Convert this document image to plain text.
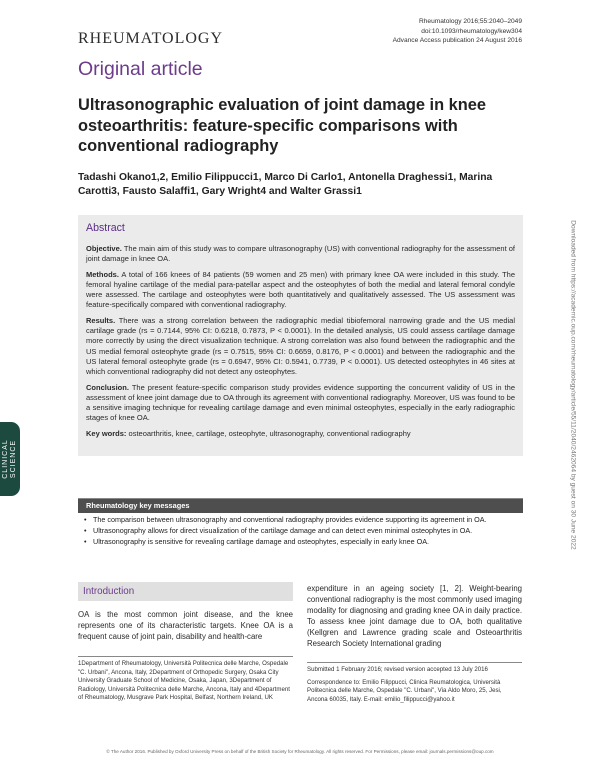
RHEUMATOLOGY
Rheumatology 2016;55:2040–2049
doi:10.1093/rheumatology/kew304
Advance Access publication 24 August 2016
Original article
Ultrasonographic evaluation of joint damage in knee osteoarthritis: feature-specific comparisons with conventional radiography
Tadashi Okano1,2, Emilio Filippucci1, Marco Di Carlo1, Antonella Draghessi1, Marina Carotti3, Fausto Salaffi1, Gary Wright4 and Walter Grassi1
Abstract

Objective. The main aim of this study was to compare ultrasonography (US) with conventional radiography for the assessment of joint damage in knee OA.

Methods. A total of 166 knees of 84 patients (59 women and 25 men) with primary knee OA were included in this study. The femoral hyaline cartilage of the medial para-patellar aspect and the osteophytes of both the medial and lateral femoral condyle were assessed. The cartilage and osteophytes were both quantitatively and qualitatively assessed. The US assessment was feature-specifically compared with conventional radiography.

Results. There was a strong correlation between the radiographic medial tibiofemoral narrowing grade and the US medial cartilage grade (rs = 0.7144, 95% CI: 0.6218, 0.7873, P < 0.0001). In the detailed analysis, US could assess cartilage damage more correctly by using the direct visualization technique. A strong correlation was also found between the radiographic and the US medial femoral osteophyte grade (rs = 0.7515, 95% CI: 0.6659, 0.8176, P < 0.0001) and between the radiographic and the US lateral femoral osteophyte grade (rs = 0.6947, 95% CI: 0.5941, 0.7739, P < 0.0001). US detected osteophytes in 46 sites at which conventional radiography did not detect any osteophytes.

Conclusion. The present feature-specific comparison study provides evidence supporting the concurrent validity of US in the assessment of knee joint damage due to OA through its agreement with conventional radiography. Moreover, US was found to be a sensitive imaging technique for revealing cartilage damage and even minimal osteophytes, especially in the early radiographic stages of knee OA.

Key words: osteoarthritis, knee, cartilage, osteophyte, ultrasonography, conventional radiography

CLINICAL SCIENCE	Downloaded from https://academic.oup.com/rheumatology/article/55/11/2040/2462064 by guest on 30 June 2022
Rheumatology key messages
• The comparison between ultrasonography and conventional radiography provides evidence supporting its agreement in OA.
• Ultrasonography allows for direct visualization of the cartilage damage and can detect even minimal osteophytes in OA.
• Ultrasonography is sensitive for revealing cartilage damage and osteophytes, especially in early knee OA.
Introduction

OA is the most common joint disease, and the knee represents one of its characteristic targets. Knee OA is a frequent cause of joint pain, disability and health-care

expenditure in an ageing society [1, 2]. Weight-bearing conventional radiography is the most commonly used imaging modality for diagnosing and grading knee OA in daily practice. To assess knee joint damage due to OA, both qualitative (Kellgren and Lawrence grading scale and Osteoarthritis Research Society International grading

1Department of Rheumatology, Università Politecnica delle Marche, Ospedale "C. Urbani", Ancona, Italy, 2Department of Orthopedic Surgery, Osaka City University Graduate School of Medicine, Osaka, Japan, 3Department of Radiology, Università Politecnica delle Marche, Ancona, Italy and 4Department of Rheumatology, Musgrave Park Hospital, Belfast, Northern Ireland, UK

Submitted 1 February 2016; revised version accepted 13 July 2016

Correspondence to: Emilio Filippucci, Clinica Reumatologica, Università Politecnica delle Marche, Ospedale "C. Urbani", Via Aldo Moro, 25, Jesi, Ancona 60035, Italy. E-mail: emilio_filippucci@yahoo.it

© The Author 2016. Published by Oxford University Press on behalf of the British Society for Rheumatology. All rights reserved. For Permissions, please email: journals.permissions@oup.com
